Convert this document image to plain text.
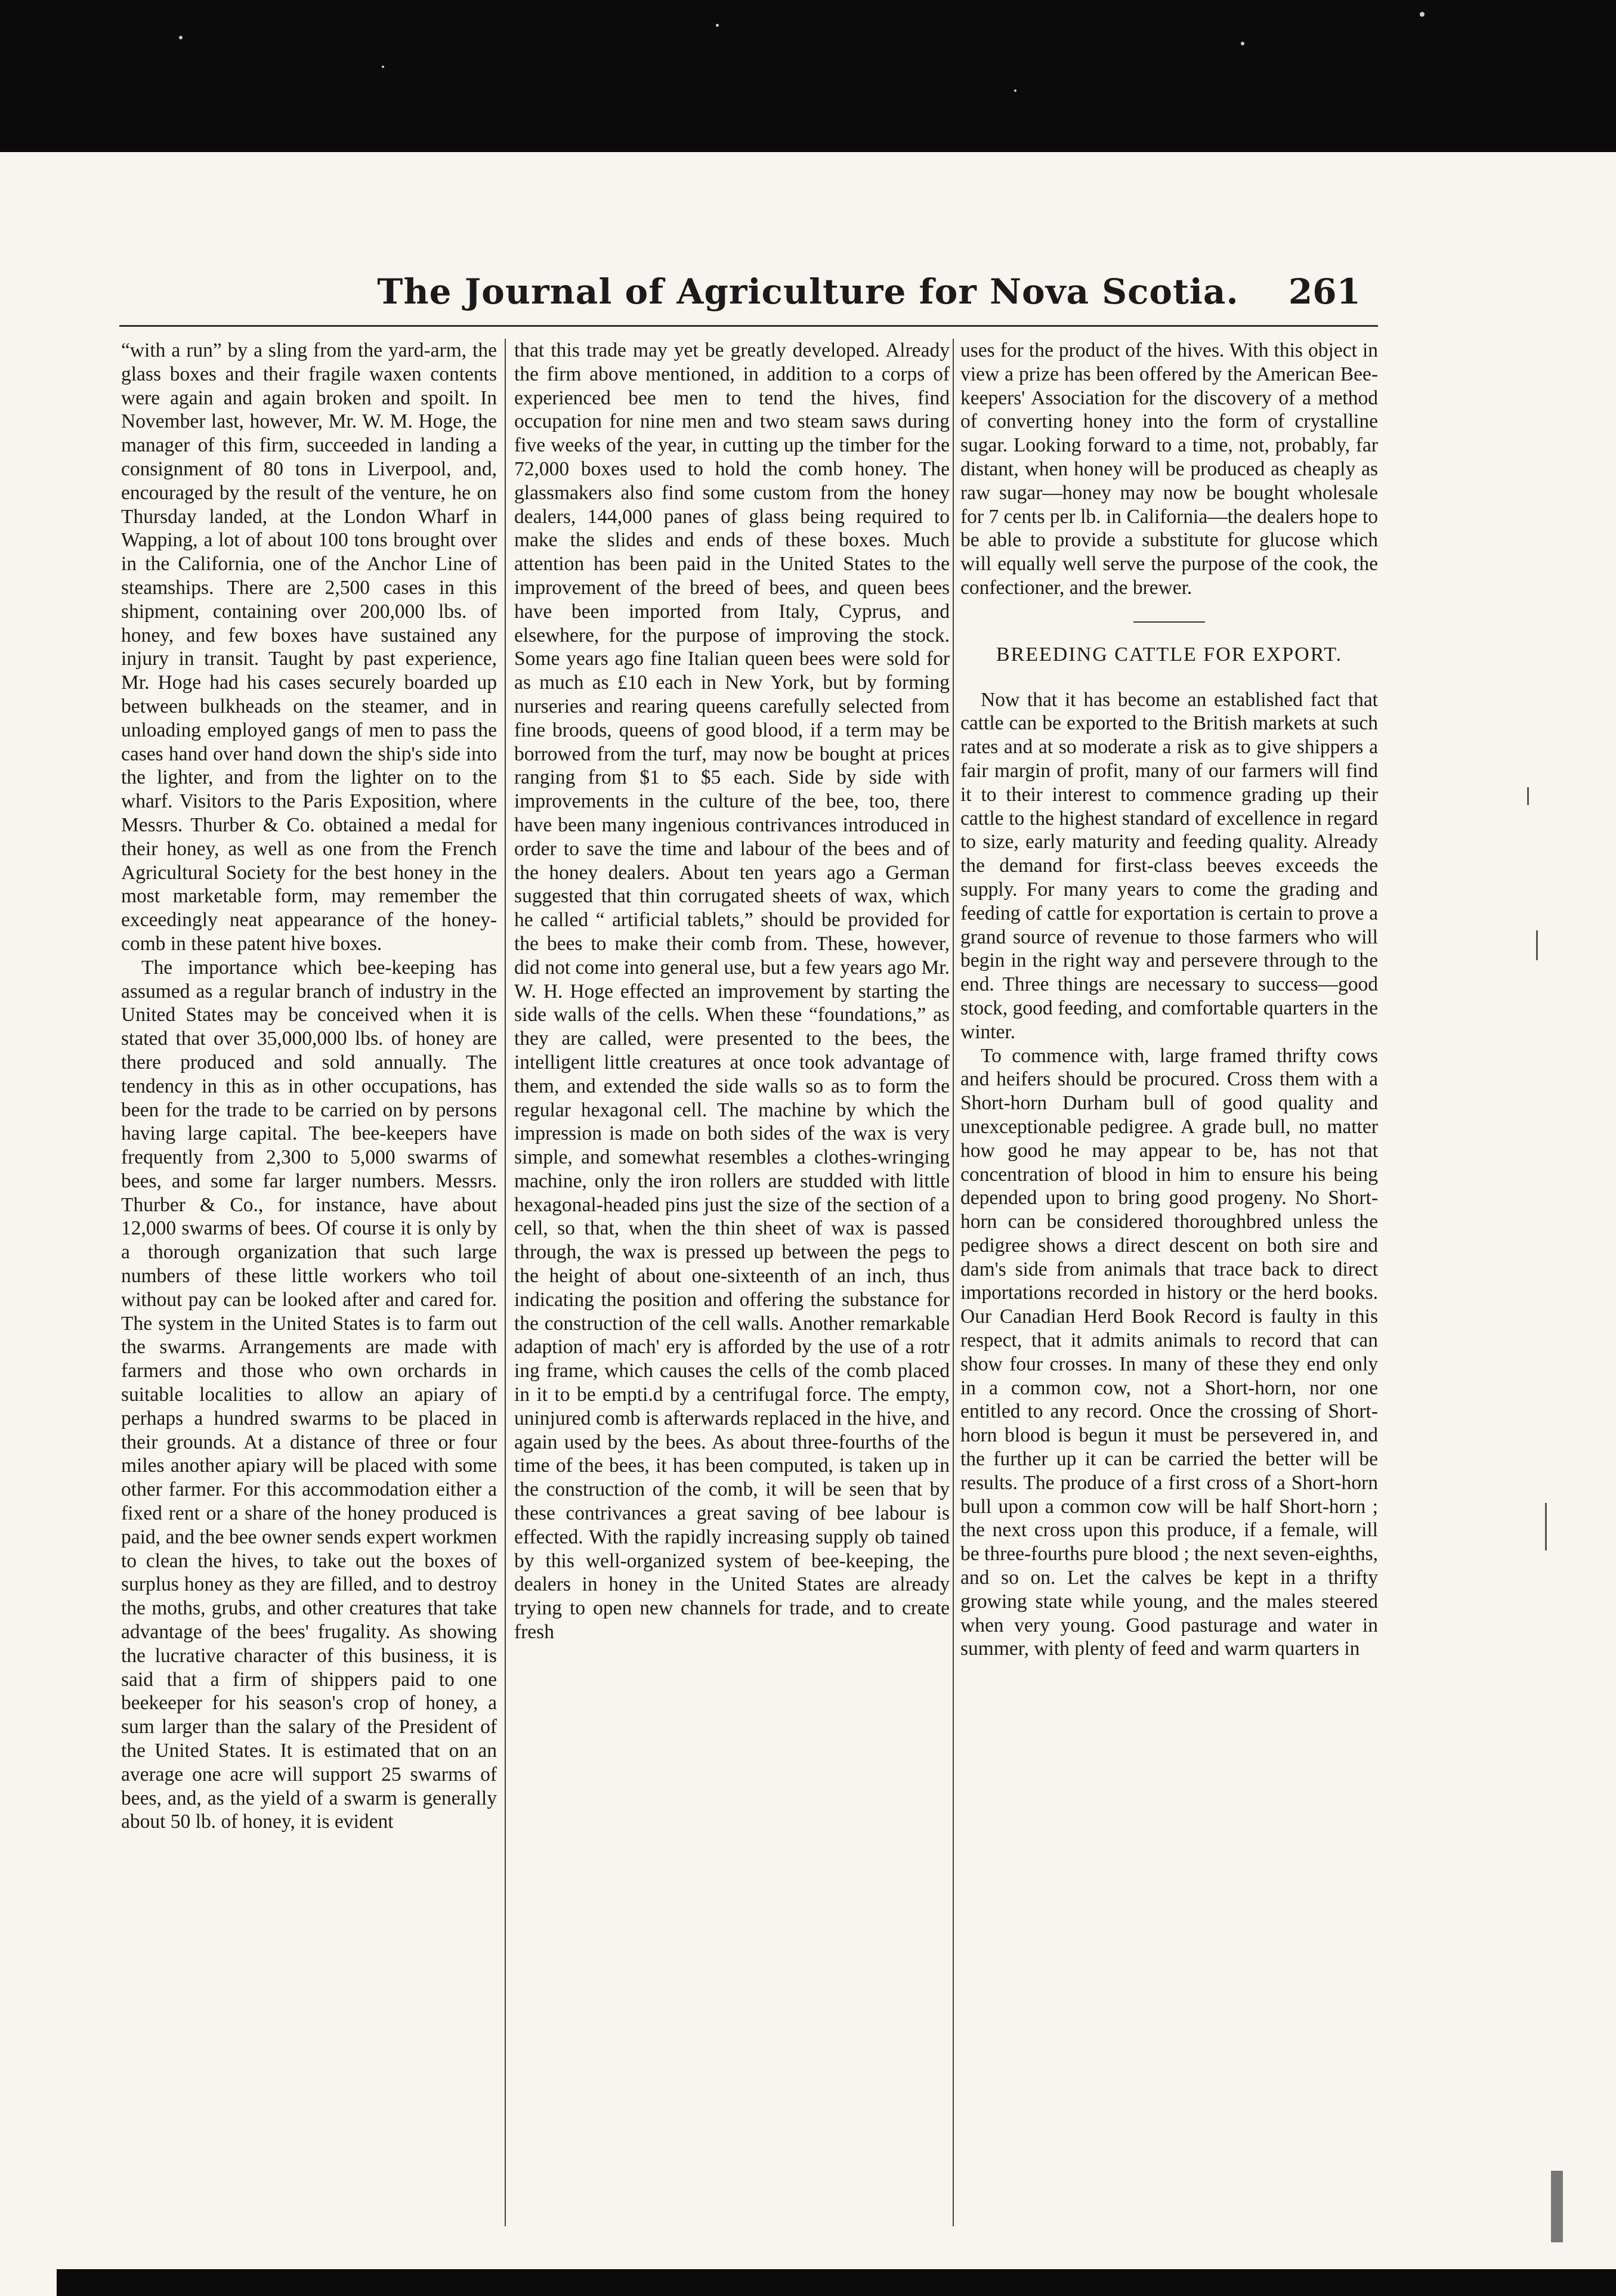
The Journal of Agriculture for Nova Scotia.	261

“with a run” by a sling from the yard-arm, the glass boxes and their fragile waxen contents were again and again broken and spoilt. In November last, however, Mr. W. M. Hoge, the manager of this firm, succeeded in landing a consignment of 80 tons in Liverpool, and, encouraged by the result of the venture, he on Thursday landed, at the London Wharf in Wapping, a lot of about 100 tons brought over in the California, one of the Anchor Line of steamships. There are 2,500 cases in this shipment, containing over 200,000 lbs. of honey, and few boxes have sustained any injury in transit. Taught by past experience, Mr. Hoge had his cases securely boarded up between bulkheads on the steamer, and in unloading employed gangs of men to pass the cases hand over hand down the ship's side into the lighter, and from the lighter on to the wharf. Visitors to the Paris Exposition, where Messrs. Thurber & Co. obtained a medal for their honey, as well as one from the French Agricultural Society for the best honey in the most marketable form, may remember the exceedingly neat appearance of the honey-comb in these patent hive boxes.

The importance which bee-keeping has assumed as a regular branch of industry in the United States may be conceived when it is stated that over 35,000,000 lbs. of honey are there produced and sold annually. The tendency in this as in other occupations, has been for the trade to be carried on by persons having large capital. The bee-keepers have frequently from 2,300 to 5,000 swarms of bees, and some far larger numbers. Messrs. Thurber & Co., for instance, have about 12,000 swarms of bees. Of course it is only by a thorough organization that such large numbers of these little workers who toil without pay can be looked after and cared for. The system in the United States is to farm out the swarms. Arrangements are made with farmers and those who own orchards in suitable localities to allow an apiary of perhaps a hundred swarms to be placed in their grounds. At a distance of three or four miles another apiary will be placed with some other farmer. For this accommodation either a fixed rent or a share of the honey produced is paid, and the bee owner sends expert workmen to clean the hives, to take out the boxes of surplus honey as they are filled, and to destroy the moths, grubs, and other creatures that take advantage of the bees' frugality. As showing the lucrative character of this business, it is said that a firm of shippers paid to one beekeeper for his season's crop of honey, a sum larger than the salary of the President of the United States. It is estimated that on an average one acre will support 25 swarms of bees, and, as the yield of a swarm is generally about 50 lb. of honey, it is evident

that this trade may yet be greatly developed. Already the firm above mentioned, in addition to a corps of experienced bee men to tend the hives, find occupation for nine men and two steam saws during five weeks of the year, in cutting up the timber for the 72,000 boxes used to hold the comb honey. The glassmakers also find some custom from the honey dealers, 144,000 panes of glass being required to make the slides and ends of these boxes. Much attention has been paid in the United States to the improvement of the breed of bees, and queen bees have been imported from Italy, Cyprus, and elsewhere, for the purpose of improving the stock. Some years ago fine Italian queen bees were sold for as much as £10 each in New York, but by forming nurseries and rearing queens carefully selected from fine broods, queens of good blood, if a term may be borrowed from the turf, may now be bought at prices ranging from $1 to $5 each. Side by side with improvements in the culture of the bee, too, there have been many ingenious contrivances introduced in order to save the time and labour of the bees and of the honey dealers. About ten years ago a German suggested that thin corrugated sheets of wax, which he called “ artificial tablets,” should be provided for the bees to make their comb from. These, however, did not come into general use, but a few years ago Mr. W. H. Hoge effected an improvement by starting the side walls of the cells. When these “foundations,” as they are called, were presented to the bees, the intelligent little creatures at once took advantage of them, and extended the side walls so as to form the regular hexagonal cell. The machine by which the impression is made on both sides of the wax is very simple, and somewhat resembles a clothes-wringing machine, only the iron rollers are studded with little hexagonal-headed pins just the size of the section of a cell, so that, when the thin sheet of wax is passed through, the wax is pressed up between the pegs to the height of about one-sixteenth of an inch, thus indicating the position and offering the substance for the construction of the cell walls. Another remarkable adaption of mach' ery is afforded by the use of a rotr ing frame, which causes the cells of the comb placed in it to be empti.d by a centrifugal force. The empty, uninjured comb is afterwards replaced in the hive, and again used by the bees. As about three-fourths of the time of the bees, it has been computed, is taken up in the construction of the comb, it will be seen that by these contrivances a great saving of bee labour is effected. With the rapidly increasing supply ob tained by this well-organized system of bee-keeping, the dealers in honey in the United States are already trying to open new channels for trade, and to create fresh

uses for the product of the hives. With this object in view a prize has been offered by the American Bee-keepers' Association for the discovery of a method of converting honey into the form of crystalline sugar. Looking forward to a time, not, probably, far distant, when honey will be produced as cheaply as raw sugar—honey may now be bought wholesale for 7 cents per lb. in California—the dealers hope to be able to provide a substitute for glucose which will equally well serve the purpose of the cook, the confectioner, and the brewer.

BREEDING CATTLE FOR EXPORT.

Now that it has become an established fact that cattle can be exported to the British markets at such rates and at so moderate a risk as to give shippers a fair margin of profit, many of our farmers will find it to their interest to commence grading up their cattle to the highest standard of excellence in regard to size, early maturity and feeding quality. Already the demand for first-class beeves exceeds the supply. For many years to come the grading and feeding of cattle for exportation is certain to prove a grand source of revenue to those farmers who will begin in the right way and persevere through to the end. Three things are necessary to success—good stock, good feeding, and comfortable quarters in the winter.

To commence with, large framed thrifty cows and heifers should be procured. Cross them with a Short-horn Durham bull of good quality and unexceptionable pedigree. A grade bull, no matter how good he may appear to be, has not that concentration of blood in him to ensure his being depended upon to bring good progeny. No Short-horn can be considered thoroughbred unless the pedigree shows a direct descent on both sire and dam's side from animals that trace back to direct importations recorded in history or the herd books. Our Canadian Herd Book Record is faulty in this respect, that it admits animals to record that can show four crosses. In many of these they end only in a common cow, not a Short-horn, nor one entitled to any record. Once the crossing of Short-horn blood is begun it must be persevered in, and the further up it can be carried the better will be results. The produce of a first cross of a Short-horn bull upon a common cow will be half Short-horn ; the next cross upon this produce, if a female, will be three-fourths pure blood ; the next seven-eighths, and so on. Let the calves be kept in a thrifty growing state while young, and the males steered when very young. Good pasturage and water in summer, with plenty of feed and warm quarters in
